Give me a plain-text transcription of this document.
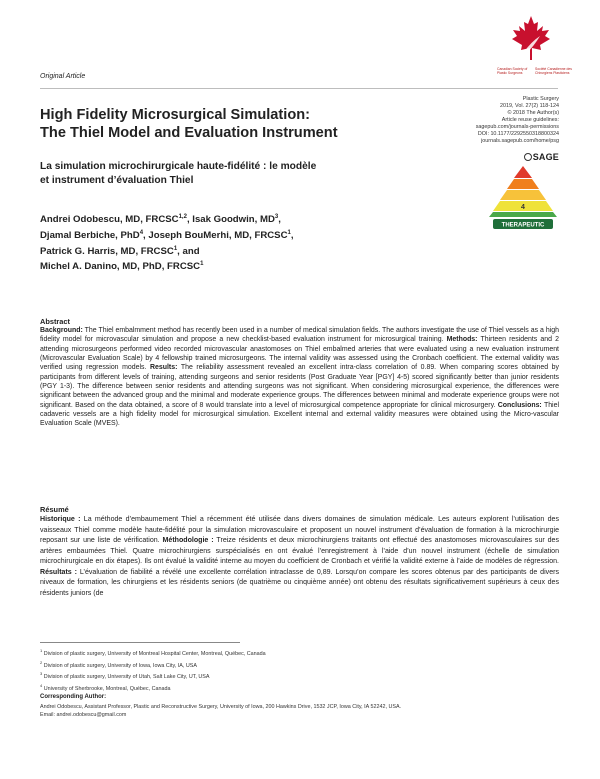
Canadian Society of Plastic Surgeons
Société Canadienne des Chirurgiens Plasticiens
Original Article
High Fidelity Microsurgical Simulation:
The Thiel Model and Evaluation Instrument
La simulation microchirurgicale haute-fidélité : le modèle
et instrument d’évaluation Thiel
Plastic Surgery
2019, Vol. 27(2) 118-124
© 2018 The Author(s)
Article reuse guidelines:
sagepub.com/journals-permissions
DOI: 10.1177/2292550318800324
journals.sagepub.com/home/psg
SAGE
4
THERAPEUTIC
Andrei Odobescu, MD, FRCSC$^{1,2}$, Isak Goodwin, $MD^3$,
Djamal Berbiche, PhD$^4$, Joseph BouMerhi, MD, FRCSC$^1$,
Patrick G. Harris, MD, FRCSC$^1$, and
Michel A. Danino, MD, PhD, FRCSC$^1$
Abstract
Background: The Thiel embalmment method has recently been used in a number of medical simulation fields. The authors investigate the use of Thiel vessels as a high fidelity model for microvascular simulation and propose a new checklist-based evaluation instrument for microsurgical training. Methods: Thirteen residents and 2 attending microsurgeons performed video recorded microvascular anastomoses on Thiel embalmed arteries that were evaluated using a new evaluation instrument (Microvascular Evaluation Scale) by 4 fellowship trained microsurgeons. The internal validity was assessed using the Cronbach coefficient. The external validity was verified using regression models. Results: The reliability assessment revealed an excellent intra-class correlation of 0.89. When comparing scores obtained by participants from different levels of training, attending surgeons and senior residents (Post Graduate Year [PGY] 4-5) scored significantly better than junior residents (PGY 1-3). The difference between senior residents and attending surgeons was not significant. When considering microsurgical experience, the differences were significant between the advanced group and the minimal and moderate experience groups. The differences between minimal and moderate experience groups were not significant. Based on the data obtained, a score of 8 would translate into a level of microsurgical competence appropriate for clinical microsurgery. Conclusions: Thiel cadaveric vessels are a high fidelity model for microsurgical simulation. Excellent internal and external validity measures were obtained using the Micro-vascular Evaluation Scale (MVES).
Résumé
Historique : La méthode d’embaumement Thiel a récemment été utilisée dans divers domaines de simulation médicale. Les auteurs explorent l’utilisation des vaisseaux Thiel comme modèle haute-fidélité pour la simulation microvasculaire et proposent un nouvel instrument d’évaluation de formation à la microchirurgie reposant sur une liste de vérification. Méthodologie : Treize résidents et deux microchirurgiens traitants ont effectué des anastomoses microvasculaires sur des artères embaumées Thiel. Quatre microchirurgiens surspécialisés en ont évalué l’enregistrement à l’aide d’un nouvel instrument (échelle de simulation microchirurgicale en dix étapes). Ils ont évalué la validité interne au moyen du coefficient de Cronbach et vérifié la validité externe à l’aide de modèles de régression. Résultats : L’évaluation de fiabilité a révélé une excellente corrélation intraclasse de 0,89. Lorsqu’on compare les scores obtenus par des participants de divers niveaux de formation, les chirurgiens et les résidents seniors (de quatrième ou cinquième année) ont obtenu des résultats significativement supérieurs à ceux des résidents juniors (de
$^1$ Division of plastic surgery, University of Montreal Hospital Center, Montreal, Québec, Canada
$^2$ Division of plastic surgery, University of Iowa, Iowa City, IA, USA
$^3$ Division of plastic surgery, University of Utah, Salt Lake City, UT, USA
$^4$ University of Sherbrooke, Montreal, Québec, Canada
Corresponding Author:
Andrei Odobescu, Assistant Professor, Plastic and Reconstructive Surgery, University of Iowa, 200 Hawkins Drive, 1532 JCP, Iowa City, IA 52242, USA.
Email: andrei.odobescu@gmail.com
